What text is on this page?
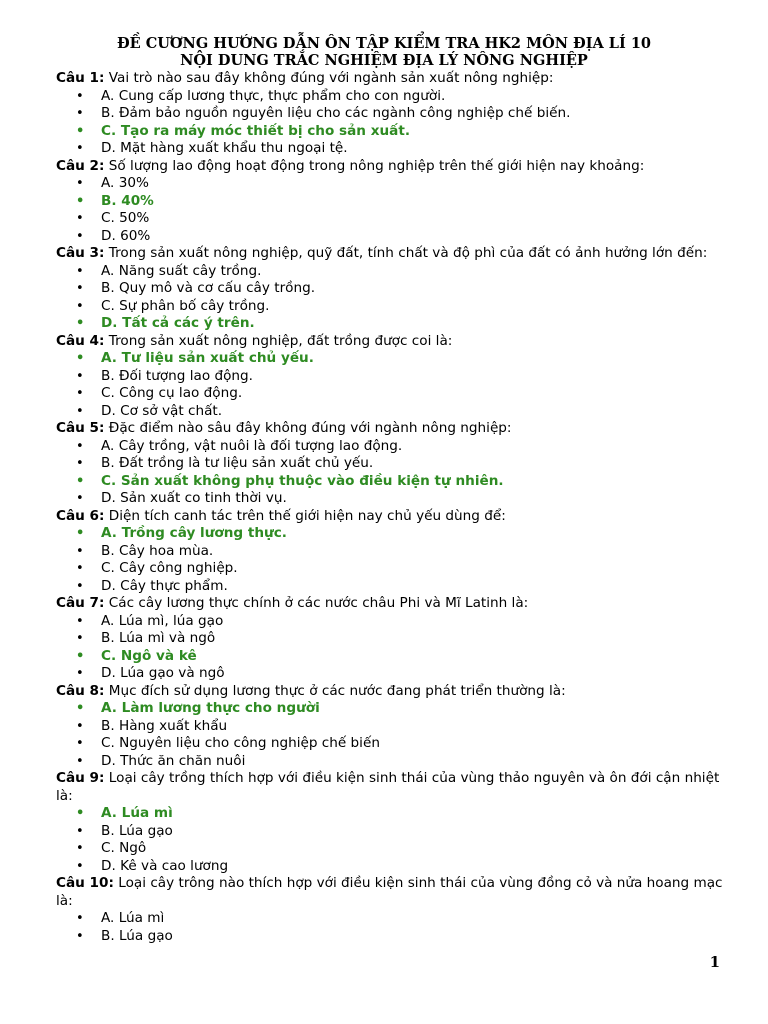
ĐỀ CƯƠNG HƯỚNG DẪN ÔN TẬP KIỂM TRA HK2 MÔN ĐỊA LÍ 10

NỘI DUNG TRẮC NGHIỆM ĐỊA LÝ NÔNG NGHIỆP

Câu 1: Vai trò nào sau đây không đúng với ngành sản xuất nông nghiệp:

• A. Cung cấp lương thực, thực phẩm cho con người.
• B. Đảm bảo nguồn nguyên liệu cho các ngành công nghiệp chế biến.
• C. Tạo ra máy móc thiết bị cho sản xuất.
• D. Mặt hàng xuất khẩu thu ngoại tệ.

Câu 2: Số lượng lao động hoạt động trong nông nghiệp trên thế giới hiện nay khoảng:

• A. 30%
• B. 40%
• C. 50%
• D. 60%

Câu 3: Trong sản xuất nông nghiệp, quỹ đất, tính chất và độ phì của đất có ảnh hưởng lớn đến:

• A. Năng suất cây trồng.
• B. Quy mô và cơ cấu cây trồng.
• C. Sự phân bố cây trồng.
• D. Tất cả các ý trên.

Câu 4: Trong sản xuất nông nghiệp, đất trồng được coi là:

• A. Tư liệu sản xuất chủ yếu.
• B. Đối tượng lao động.
• C. Công cụ lao động.
• D. Cơ sở vật chất.

Câu 5: Đặc điểm nào sâu đây không đúng với ngành nông nghiệp:

• A. Cây trồng, vật nuôi là đối tượng lao động.
• B. Đất trồng là tư liệu sản xuất chủ yếu.
• C. Sản xuất không phụ thuộc vào điều kiện tự nhiên.
• D. Sản xuất co tinh thời vụ.

Câu 6: Diện tích canh tác trên thế giới hiện nay chủ yếu dùng để:

• A. Trồng cây lương thực.
• B. Cây hoa mùa.
• C. Cây công nghiệp.
• D. Cây thực phẩm.

Câu 7: Các cây lương thực chính ở các nước châu Phi và Mĩ Latinh là:

• A. Lúa mì, lúa gạo
• B. Lúa mì và ngô
• C. Ngô và kê
• D. Lúa gạo và ngô

Câu 8: Mục đích sử dụng lương thực ở các nước đang phát triển thường là:

• A. Làm lương thực cho người
• B. Hàng xuất khẩu
• C. Nguyên liệu cho công nghiệp chế biến
• D. Thức ăn chăn nuôi

Câu 9: Loại cây trồng thích hợp với điều kiện sinh thái của vùng thảo nguyên và ôn đới cận nhiệt là:

• A. Lúa mì
• B. Lúa gạo
• C. Ngô
• D. Kê và cao lương

Câu 10: Loại cây trông nào thích hợp với điều kiện sinh thái của vùng đồng cỏ và nửa hoang mạc là:

• A. Lúa mì
• B. Lúa gạo
1
